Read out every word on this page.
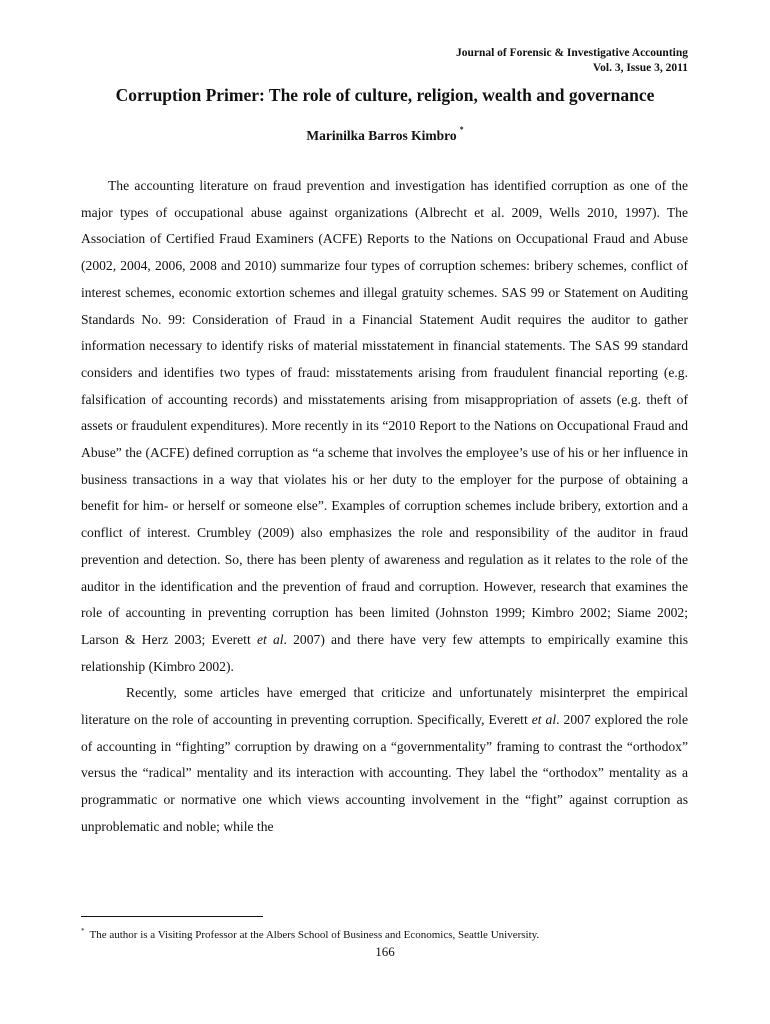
Journal of Forensic & Investigative Accounting
Vol. 3, Issue 3, 2011
Corruption Primer: The role of culture, religion, wealth and governance
Marinilka Barros Kimbro *

The accounting literature on fraud prevention and investigation has identified corruption as one of the major types of occupational abuse against organizations (Albrecht et al. 2009, Wells 2010, 1997). The Association of Certified Fraud Examiners (ACFE) Reports to the Nations on Occupational Fraud and Abuse (2002, 2004, 2006, 2008 and 2010) summarize four types of corruption schemes: bribery schemes, conflict of interest schemes, economic extortion schemes and illegal gratuity schemes. SAS 99 or Statement on Auditing Standards No. 99: Consideration of Fraud in a Financial Statement Audit requires the auditor to gather information necessary to identify risks of material misstatement in financial statements. The SAS 99 standard considers and identifies two types of fraud: misstatements arising from fraudulent financial reporting (e.g. falsification of accounting records) and misstatements arising from misappropriation of assets (e.g. theft of assets or fraudulent expenditures). More recently in its “2010 Report to the Nations on Occupational Fraud and Abuse” the (ACFE) defined corruption as “a scheme that involves the employee’s use of his or her influence in business transactions in a way that violates his or her duty to the employer for the purpose of obtaining a benefit for him- or herself or someone else”. Examples of corruption schemes include bribery, extortion and a conflict of interest. Crumbley (2009) also emphasizes the role and responsibility of the auditor in fraud prevention and detection. So, there has been plenty of awareness and regulation as it relates to the role of the auditor in the identification and the prevention of fraud and corruption. However, research that examines the role of accounting in preventing corruption has been limited (Johnston 1999; Kimbro 2002; Siame 2002; Larson & Herz 2003; Everett et al. 2007) and there have very few attempts to empirically examine this relationship (Kimbro 2002).

Recently, some articles have emerged that criticize and unfortunately misinterpret the empirical literature on the role of accounting in preventing corruption. Specifically, Everett et al. 2007 explored the role of accounting in “fighting” corruption by drawing on a “governmentality” framing to contrast the “orthodox” versus the “radical” mentality and its interaction with accounting. They label the “orthodox” mentality as a programmatic or normative one which views accounting involvement in the “fight” against corruption as unproblematic and noble; while the

* The author is a Visiting Professor at the Albers School of Business and Economics, Seattle University.
166
